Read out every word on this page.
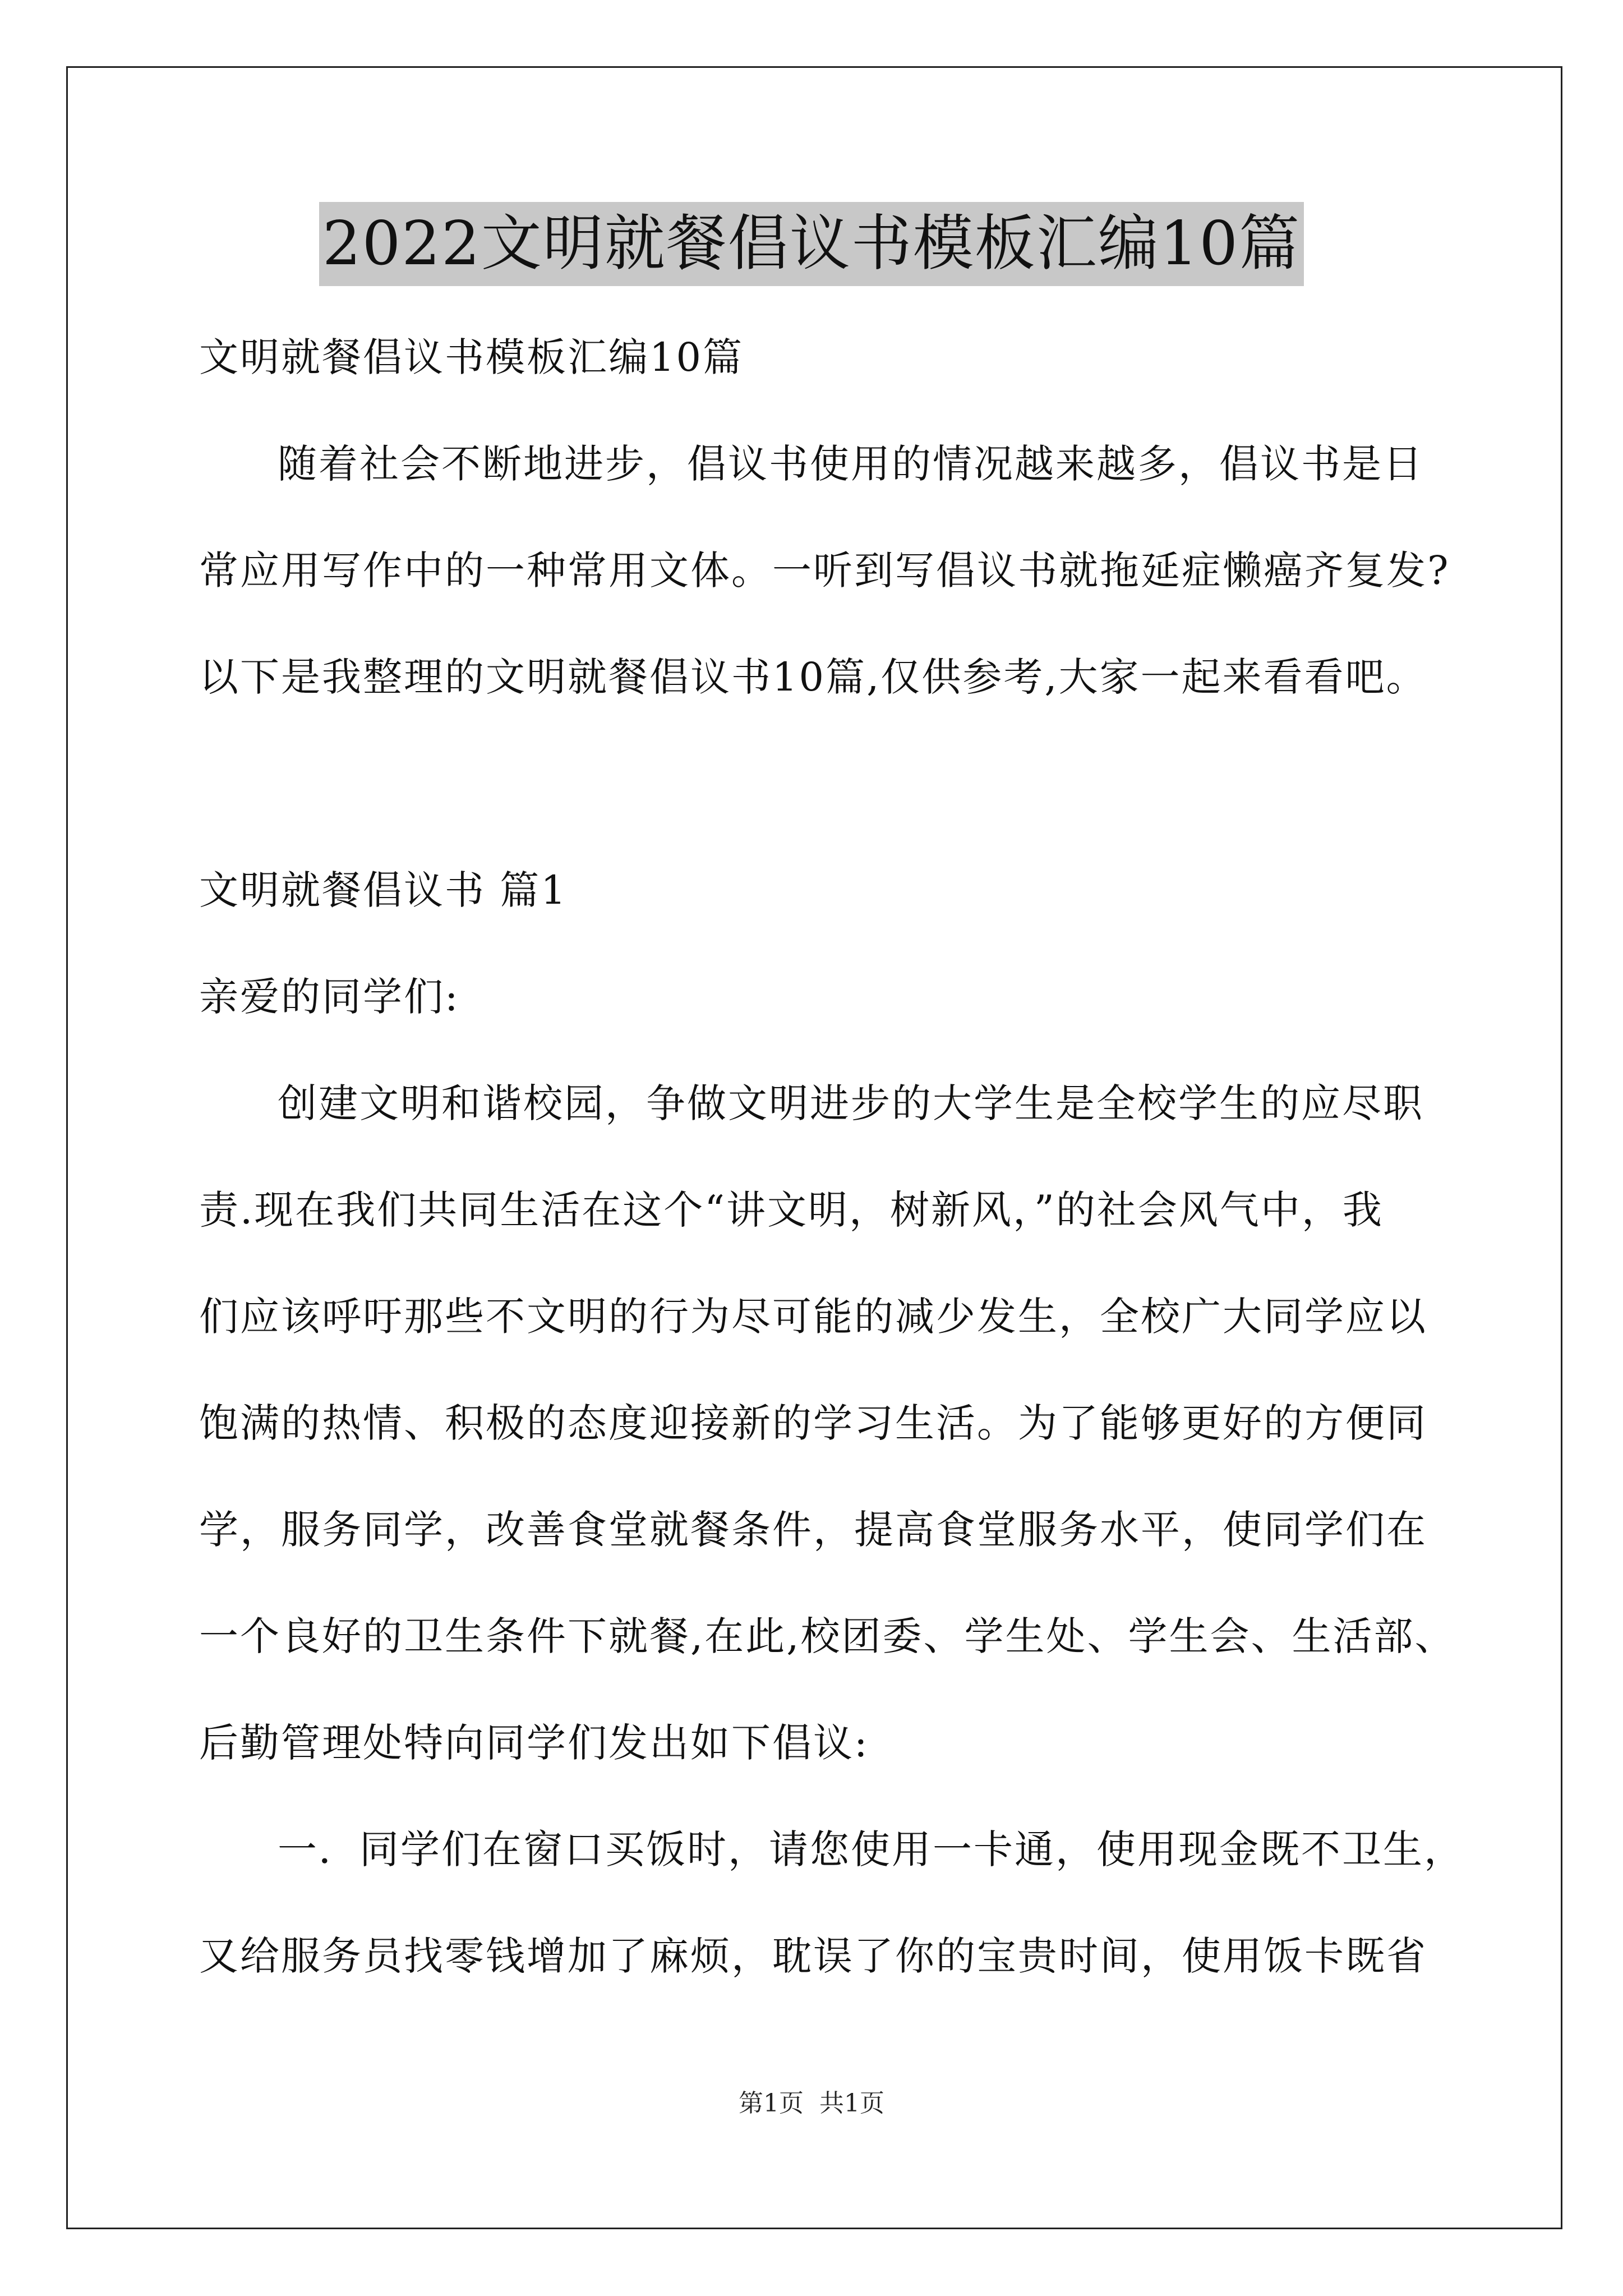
2022文明就餐倡议书模板汇编10篇
文明就餐倡议书模板汇编10篇
随着社会不断地进步，倡议书使用的情况越来越多，倡议书是日
常应用写作中的一种常用文体。一听到写倡议书就拖延症懒癌齐复发?
以下是我整理的文明就餐倡议书10篇,仅供参考,大家一起来看看吧。
文明就餐倡议书 篇1
亲爱的同学们:
创建文明和谐校园，争做文明进步的大学生是全校学生的应尽职
责.现在我们共同生活在这个“讲文明，树新风，”的社会风气中，我
们应该呼吁那些不文明的行为尽可能的减少发生，全校广大同学应以
饱满的热情、积极的态度迎接新的学习生活。为了能够更好的方便同
学，服务同学，改善食堂就餐条件，提高食堂服务水平，使同学们在
一个良好的卫生条件下就餐,在此,校团委、学生处、学生会、生活部、
后勤管理处特向同学们发出如下倡议:
一．同学们在窗口买饭时，请您使用一卡通，使用现金既不卫生，
又给服务员找零钱增加了麻烦，耽误了你的宝贵时间，使用饭卡既省
第1页  共1页
